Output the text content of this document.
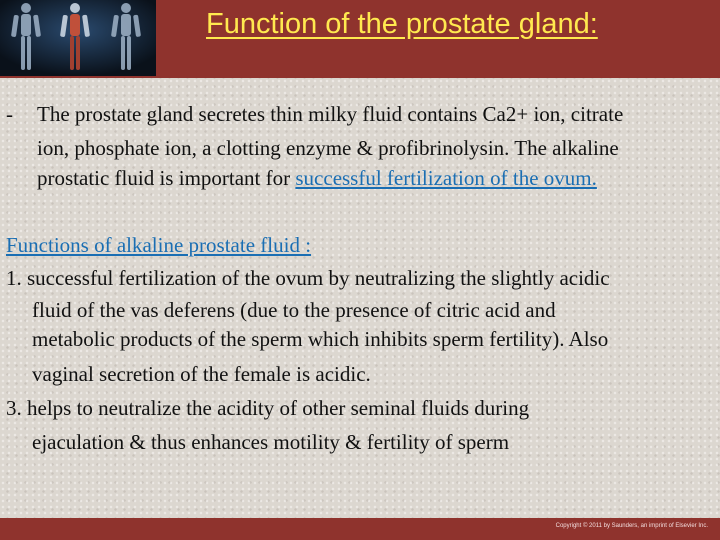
Function of the prostate gland:
- The prostate gland secretes thin milky fluid contains Ca2+ ion, citrate
ion, phosphate ion, a clotting enzyme & profibrinolysin. The alkaline
prostatic fluid is important for successful fertilization of the ovum.
Functions of alkaline prostate fluid :
1. successful fertilization of the ovum by neutralizing the slightly acidic
fluid of the vas deferens (due to the presence of citric acid and
metabolic products of the sperm which inhibits sperm fertility). Also
vaginal secretion of the female is acidic.
3. helps to neutralize the acidity of other seminal fluids during
ejaculation & thus enhances motility & fertility of sperm
Copyright © 2011 by Saunders, an imprint of Elsevier Inc.
